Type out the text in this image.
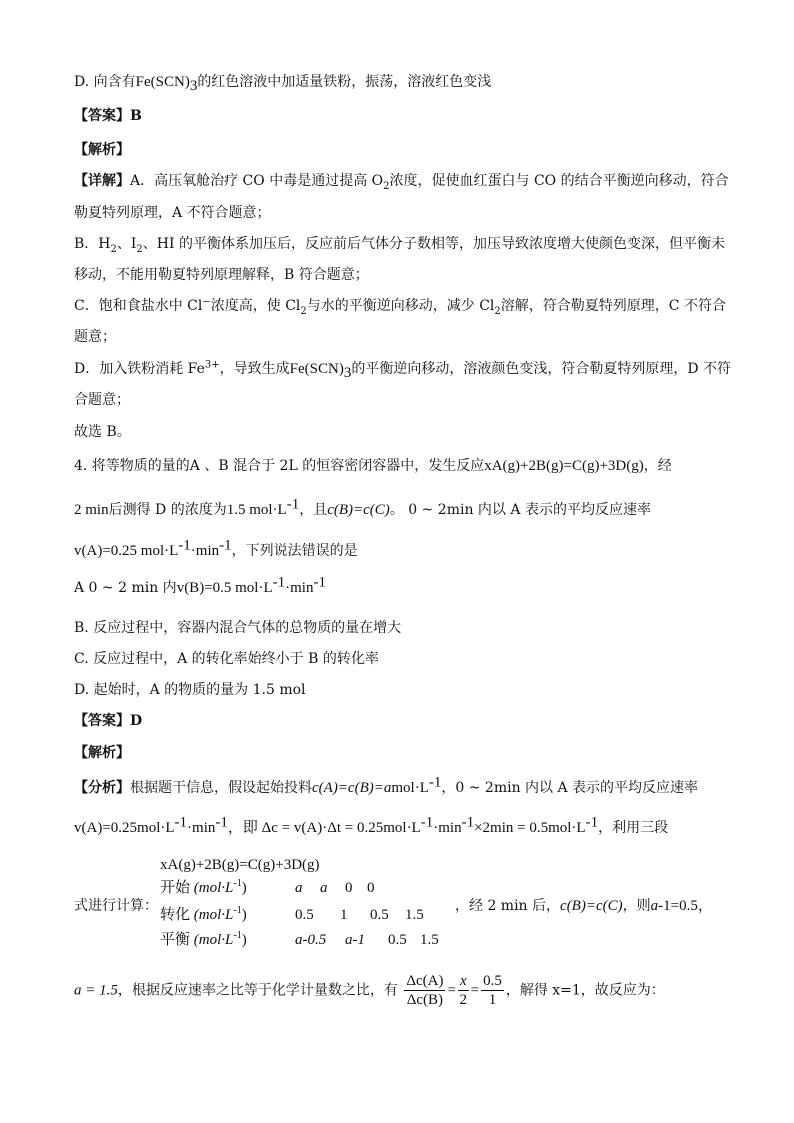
D. 向含有$Fe(SCN)_3$的红色溶液中加适量铁粉，振荡，溶液红色变浅
【答案】B
【解析】
【详解】A．高压氧舱治疗 CO 中毒是通过提高 $O_2$浓度，促使血红蛋白与 CO 的结合平衡逆向移动，符合
勒夏特列原理，A 不符合题意；
B．$H_2$、$I_2$、HI 的平衡体系加压后，反应前后气体分子数相等，加压导致浓度增大使颜色变深，但平衡未
移动，不能用勒夏特列原理解释，B 符合题意；
C．饱和食盐水中 Cl−浓度高，使 $Cl_2$与水的平衡逆向移动，减少 $Cl_2$溶解，符合勒夏特列原理，C 不符合
题意；
D．加入铁粉消耗 $Fe^{3+}$，导致生成$Fe(SCN)_3$的平衡逆向移动，溶液颜色变浅，符合勒夏特列原理，D 不符
合题意；
故选 B。
4. 将等物质的量的A 、B 混合于 2L 的恒容密闭容器中，发生反应xA(g)+2B(g)=C(g)+3D(g)，经
2 min后测得 D 的浓度为1.5 $mol\cdot L^{-1}$，且c(B)=c(C)。 0 ~ 2min 内以 A 表示的平均反应速率
v(A)=0.25 $mol\cdot L^{-1}\cdot\min^{-1}$，下列说法错误的是
A 0 ~ 2 min 内v(B)=0.5 $mol\cdot L^{-1}\cdot\min^{-1}$
B. 反应过程中，容器内混合气体的总物质的量在增大
C. 反应过程中，A 的转化率始终小于 B 的转化率
D. 起始时，A 的物质的量为 1.5 mol
【答案】D
【解析】
【分析】根据题干信息，假设起始投料$c(A)=c(B)=amol\cdot L^{-1}$，0 ~ 2min 内以 A 表示的平均反应速率
$v(A)=0.25mol\cdot L^{-1}\cdot\min^{-1}$，即 $\Delta c = v(A)\cdot\Delta t = 0.25mol\cdot L^{-1}\cdot\min^{-1}\times 2\min = 0.5mol\cdot L^{-1}$，利用三段
式进行计算：
xA(g)+2B(g)=C(g)+3D(g)
开始 $(mol\cdot L^{-1})$	a a 0 0
转化 $(mol\cdot L^{-1})$	0.5 1 0.5 1.5
平衡 $(mol\cdot L^{-1})$	a-0.5 a-1 0.5 1.5
，经 2 min 后，c(B)=c(C)，则a-1=0.5，
a = 1.5，根据反应速率之比等于化学计量数之比，有 $\frac{\Delta c(A)}{\Delta c(B)} = \frac{x}{2} = \frac{0.5}{1}$ ，解得 x=1，故反应为：
